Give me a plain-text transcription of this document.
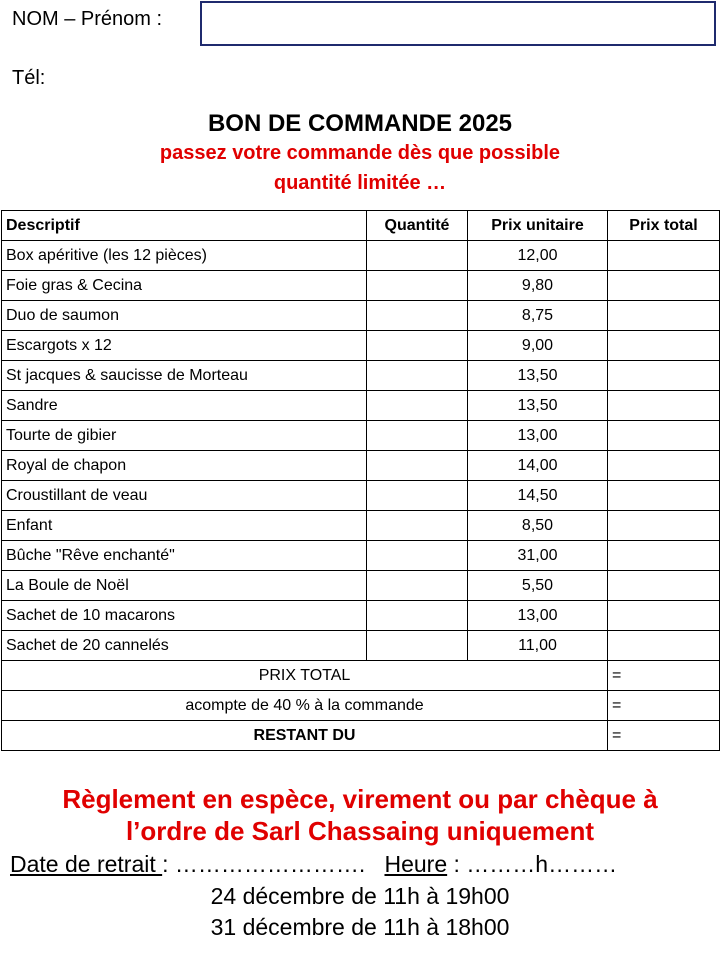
NOM – Prénom :
Tél:
BON DE COMMANDE 2025
passez votre commande dès que possible
quantité limitée …
Descriptif	Quantité	Prix unitaire	Prix total
Box apéritive (les 12 pièces)		12,00	
Foie gras & Cecina		9,80	
Duo de saumon		8,75	
Escargots x 12		9,00	
St jacques & saucisse de Morteau		13,50	
Sandre		13,50	
Tourte de gibier		13,00	
Royal de chapon		14,00	
Croustillant de veau		14,50	
Enfant		8,50	
Bûche "Rêve enchanté"		31,00	
La Boule de Noël		5,50	
Sachet de 10 macarons		13,00	
Sachet de 20 cannelés		11,00	
PRIX TOTAL			=
acompte de 40 % à la commande			=
RESTANT DU			=
Règlement en espèce, virement ou par chèque à
l’ordre de Sarl Chassaing uniquement
Date de retrait : ……………………. Heure : ………h………
24 décembre de 11h à 19h00
31 décembre de 11h à 18h00
